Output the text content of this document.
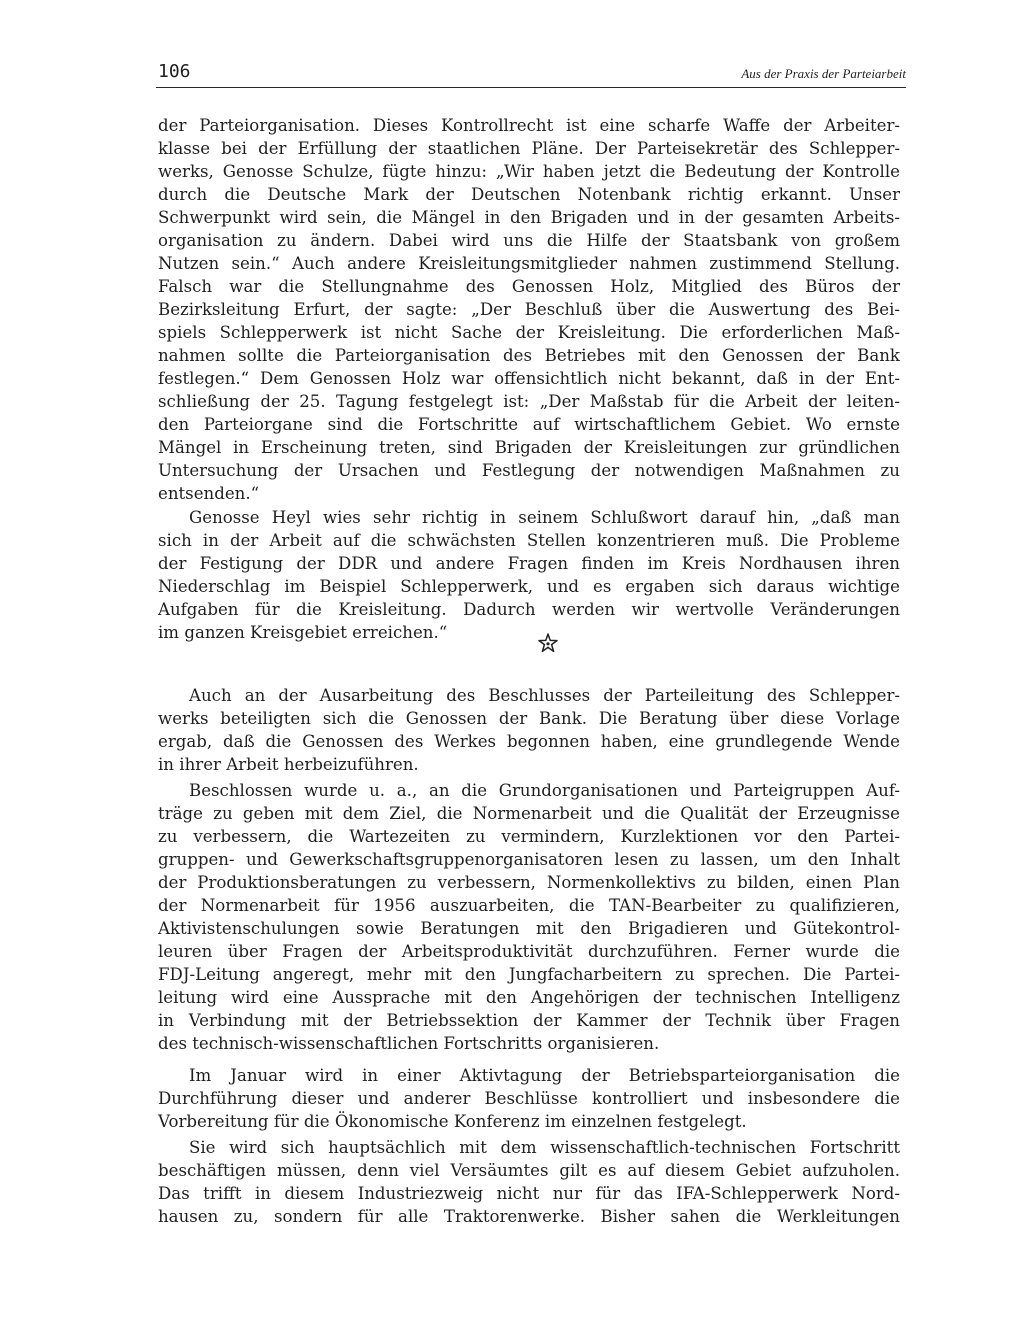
106	Aus der Praxis der Parteiarbeit

der Parteiorganisation. Dieses Kontrollrecht ist eine scharfe Waffe der Arbeiter-
klasse bei der Erfüllung der staatlichen Pläne. Der Parteisekretär des Schlepper-
werks, Genosse Schulze, fügte hinzu: „Wir haben jetzt die Bedeutung der Kontrolle
durch die Deutsche Mark der Deutschen Notenbank richtig erkannt. Unser
Schwerpunkt wird sein, die Mängel in den Brigaden und in der gesamten Arbeits-
organisation zu ändern. Dabei wird uns die Hilfe der Staatsbank von großem
Nutzen sein.“ Auch andere Kreisleitungsmitglieder nahmen zustimmend Stellung.
Falsch war die Stellungnahme des Genossen Holz, Mitglied des Büros der
Bezirksleitung Erfurt, der sagte: „Der Beschluß über die Auswertung des Bei-
spiels Schlepperwerk ist nicht Sache der Kreisleitung. Die erforderlichen Maß-
nahmen sollte die Parteiorganisation des Betriebes mit den Genossen der Bank
festlegen.“ Dem Genossen Holz war offensichtlich nicht bekannt, daß in der Ent-
schließung der 25. Tagung festgelegt ist: „Der Maßstab für die Arbeit der leiten-
den Parteiorgane sind die Fortschritte auf wirtschaftlichem Gebiet. Wo ernste
Mängel in Erscheinung treten, sind Brigaden der Kreisleitungen zur gründlichen
Untersuchung der Ursachen und Festlegung der notwendigen Maßnahmen zu
entsenden.“

Genosse Heyl wies sehr richtig in seinem Schlußwort darauf hin, „daß man
sich in der Arbeit auf die schwächsten Stellen konzentrieren muß. Die Probleme
der Festigung der DDR und andere Fragen finden im Kreis Nordhausen ihren
Niederschlag im Beispiel Schlepperwerk, und es ergaben sich daraus wichtige
Aufgaben für die Kreisleitung. Dadurch werden wir wertvolle Veränderungen
im ganzen Kreisgebiet erreichen.“

Auch an der Ausarbeitung des Beschlusses der Parteileitung des Schlepper-
werks beteiligten sich die Genossen der Bank. Die Beratung über diese Vorlage
ergab, daß die Genossen des Werkes begonnen haben, eine grundlegende Wende
in ihrer Arbeit herbeizuführen.

Beschlossen wurde u. a., an die Grundorganisationen und Parteigruppen Auf-
träge zu geben mit dem Ziel, die Normenarbeit und die Qualität der Erzeugnisse
zu verbessern, die Wartezeiten zu vermindern, Kurzlektionen vor den Partei-
gruppen- und Gewerkschaftsgruppenorganisatoren lesen zu lassen, um den Inhalt
der Produktionsberatungen zu verbessern, Normenkollektivs zu bilden, einen Plan
der Normenarbeit für 1956 auszuarbeiten, die TAN-Bearbeiter zu qualifizieren,
Aktivistenschulungen sowie Beratungen mit den Brigadieren und Gütekontrol-
leuren über Fragen der Arbeitsproduktivität durchzuführen. Ferner wurde die
FDJ-Leitung angeregt, mehr mit den Jungfacharbeitern zu sprechen. Die Partei-
leitung wird eine Aussprache mit den Angehörigen der technischen Intelligenz
in Verbindung mit der Betriebssektion der Kammer der Technik über Fragen
des technisch-wissenschaftlichen Fortschritts organisieren.

Im Januar wird in einer Aktivtagung der Betriebsparteiorganisation die
Durchführung dieser und anderer Beschlüsse kontrolliert und insbesondere die
Vorbereitung für die Ökonomische Konferenz im einzelnen festgelegt.

Sie wird sich hauptsächlich mit dem wissenschaftlich-technischen Fortschritt
beschäftigen müssen, denn viel Versäumtes gilt es auf diesem Gebiet aufzuholen.
Das trifft in diesem Industriezweig nicht nur für das IFA-Schlepperwerk Nord-
hausen zu, sondern für alle Traktorenwerke. Bisher sahen die Werkleitungen
